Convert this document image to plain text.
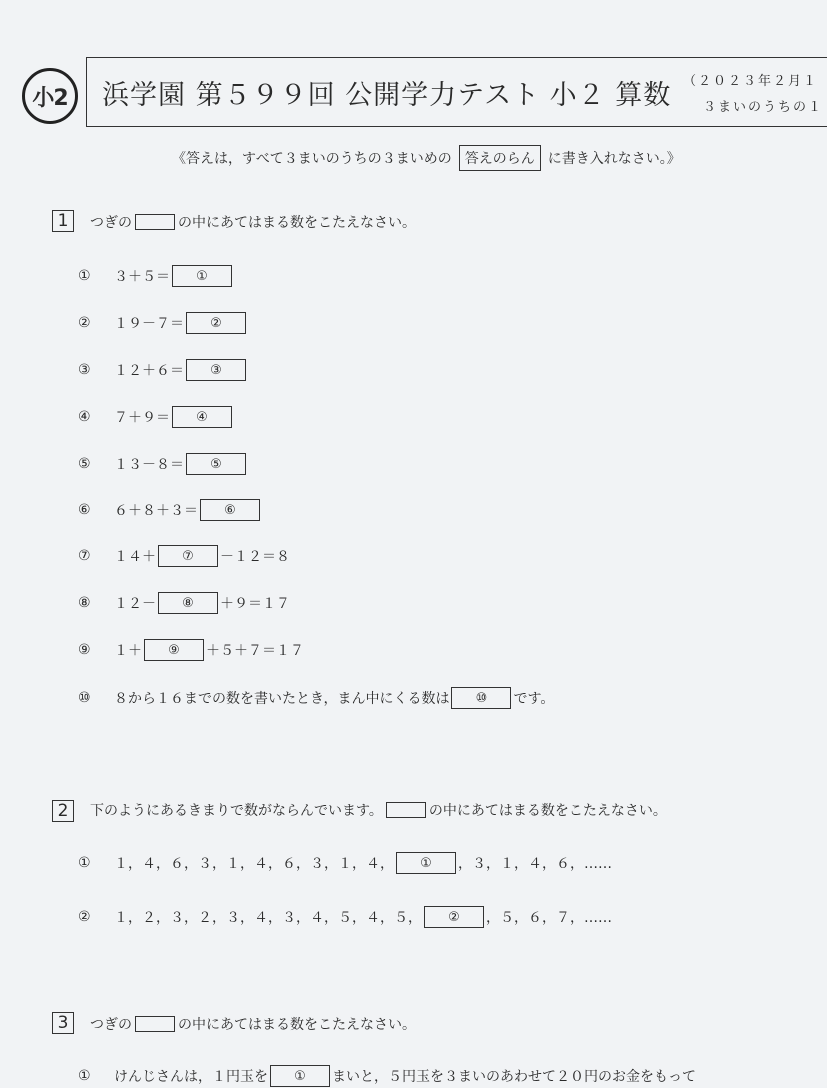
小2	浜学園 第５９９回 公開学力テスト 小２ 算数 （２０２３年２月１
３まいのうちの１
《答えは，すべて３まいのうちの３まいめの 答えのらん に書き入れなさい。》
1	つぎの	の中にあてはまる数をこたえなさい。
①	３＋５＝	①
②	１９－７＝	②
③	１２＋６＝	③
④	７＋９＝	④
⑤	１３－８＝	⑤
⑥	６＋８＋３＝	⑥
⑦	１４＋	⑦	－１２＝８
⑧	１２－	⑧	＋９＝１７
⑨	１＋	⑨	＋５＋７＝１７
⑩	８から１６までの数を書いたとき，まん中にくる数は	⑩	です。
2	下のようにあるきまりで数がならんでいます。	の中にあてはまる数をこたえなさい。
①	１，４，６，３，１，４，６，３，１，４，	①	，３，１，４，６，……
②	１，２，３，２，３，４，３，４，５，４，５，	②	，５，６，７，……
3	つぎの	の中にあてはまる数をこたえなさい。
①	けんじさんは，１円玉を	①	まいと，５円玉を３まいのあわせて２０円のお金をもって
